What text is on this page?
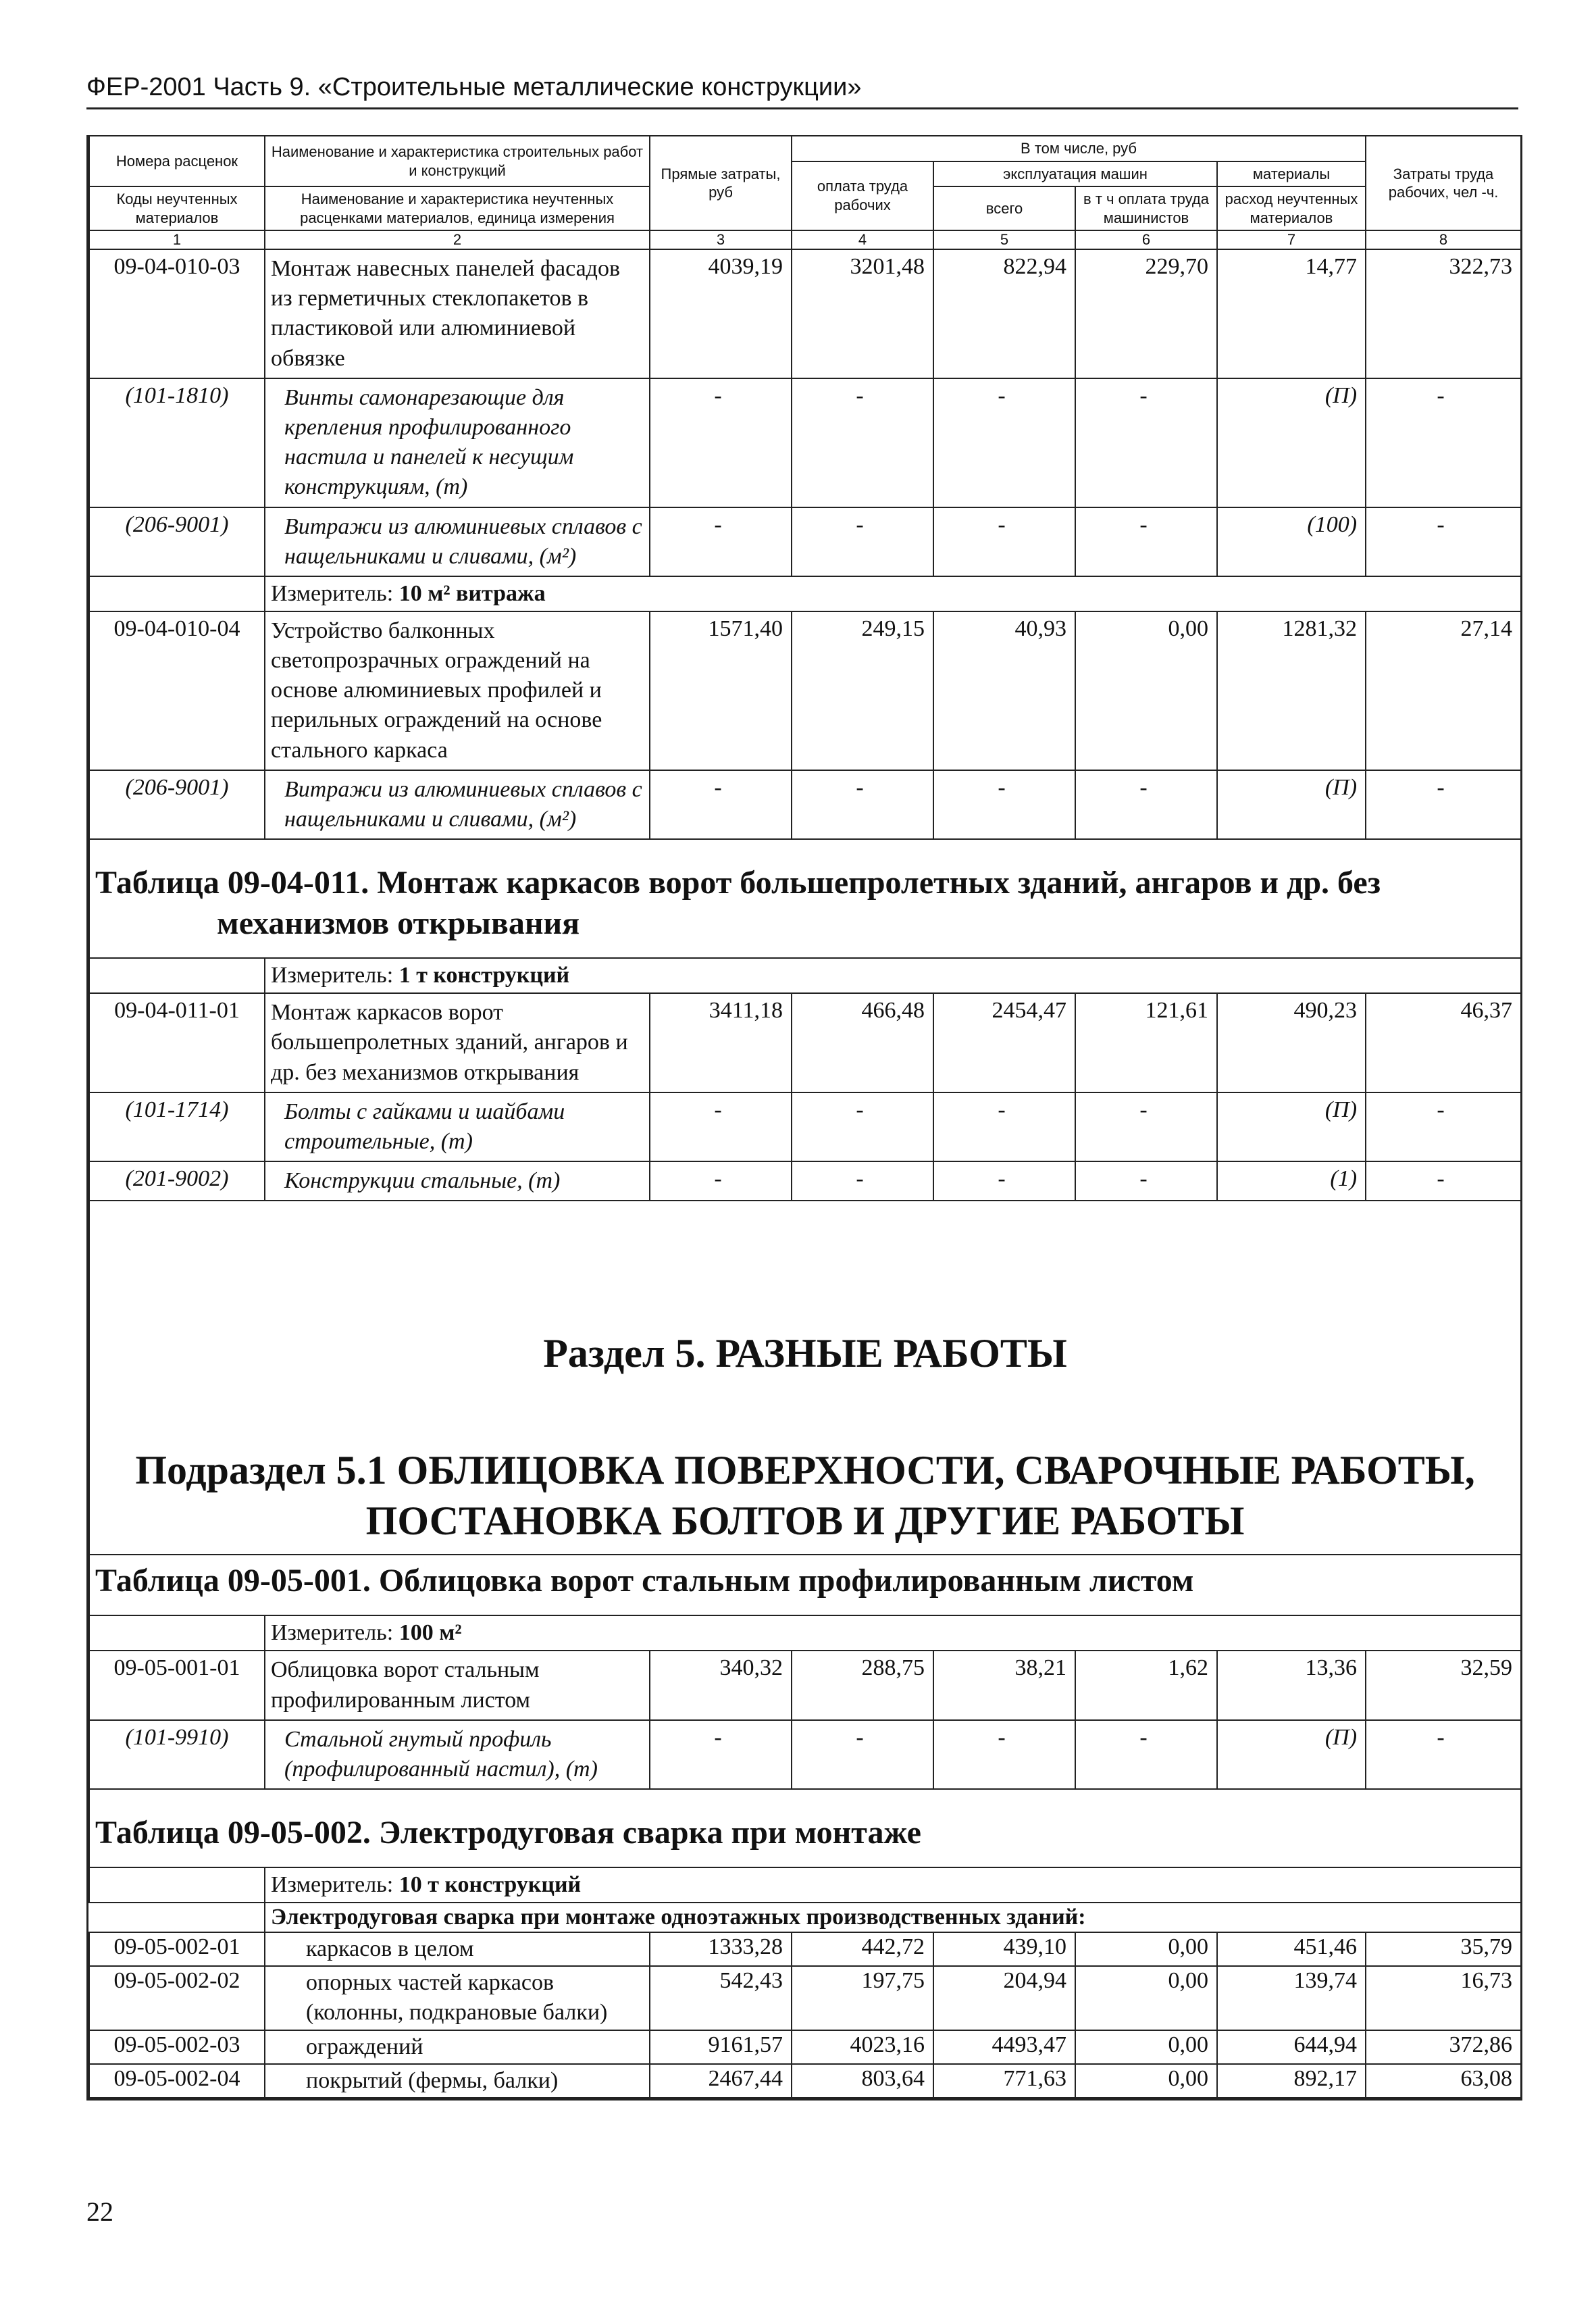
ФЕР-2001 Часть 9. «Строительные металлические конструкции»
Номера расценок	Наименование и характеристика строительных работ и конструкций	Прямые затраты, руб	В том числе, руб				Затраты труда рабочих, чел -ч.
			оплата труда рабочих	эксплуатация машин		материалы	
Коды неучтенных материалов	Наименование и характеристика неучтенных расценками материалов, единица измерения			всего	в т ч оплата труда машинистов	расход неучтенных материалов	

1	2	3	4	5	6	7	8
09-04-010-03	Монтаж навесных панелей фасадов из герметичных стеклопакетов в пластиковой или алюминиевой обвязке	4039,19	3201,48	822,94	229,70	14,77	322,73
(101-1810)	Винты самонарезающие для крепления профилированного настила и панелей к несущим конструкциям, (т)	-	-	-	-	(П)	-
(206-9001)	Витражи из алюминиевых сплавов с нащельниками и сливами, (м²)	-	-	-	-	(100)	-
	Измеритель: 10 м² витража						
09-04-010-04	Устройство балконных светопрозрачных ограждений на основе алюминиевых профилей и перильных ограждений на основе стального каркаса	1571,40	249,15	40,93	0,00	1281,32	27,14
(206-9001)	Витражи из алюминиевых сплавов с нащельниками и сливами, (м²)	-	-	-	-	(П)	-
Таблица 09-04-011. Монтаж каркасов ворот большепролетных зданий, ангаров и др. без
механизмов открывания							

	Измеритель: 1 т конструкций						
09-04-011-01	Монтаж каркасов ворот большепролетных зданий, ангаров и др. без механизмов открывания	3411,18	466,48	2454,47	121,61	490,23	46,37
(101-1714)	Болты с гайками и шайбами строительные, (т)	-	-	-	-	(П)	-
(201-9002)	Конструкции стальные, (т)	-	-	-	-	(1)	-

Раздел 5. РАЗНЫЕ РАБОТЫ
Подраздел 5.1 ОБЛИЦОВКА ПОВЕРХНОСТИ, СВАРОЧНЫЕ РАБОТЫ,
ПОСТАНОВКА БОЛТОВ И ДРУГИЕ РАБОТЫ							

Таблица 09-05-001. Облицовка ворот стальным профилированным листом							
	Измеритель: 100 м²						
09-05-001-01	Облицовка ворот стальным профилированным листом	340,32	288,75	38,21	1,62	13,36	32,59
(101-9910)	Стальной гнутый профиль (профилированный настил), (т)	-	-	-	-	(П)	-
Таблица 09-05-002. Электродуговая сварка при монтаже							
	Измеритель: 10 т конструкций						
	Электродуговая сварка при монтаже одноэтажных производственных зданий:						
09-05-002-01	каркасов в целом	1333,28	442,72	439,10	0,00	451,46	35,79
09-05-002-02	опорных частей каркасов (колонны, подкрановые балки)	542,43	197,75	204,94	0,00	139,74	16,73
09-05-002-03	ограждений	9161,57	4023,16	4493,47	0,00	644,94	372,86
09-05-002-04	покрытий (фермы, балки)	2467,44	803,64	771,63	0,00	892,17	63,08
22
